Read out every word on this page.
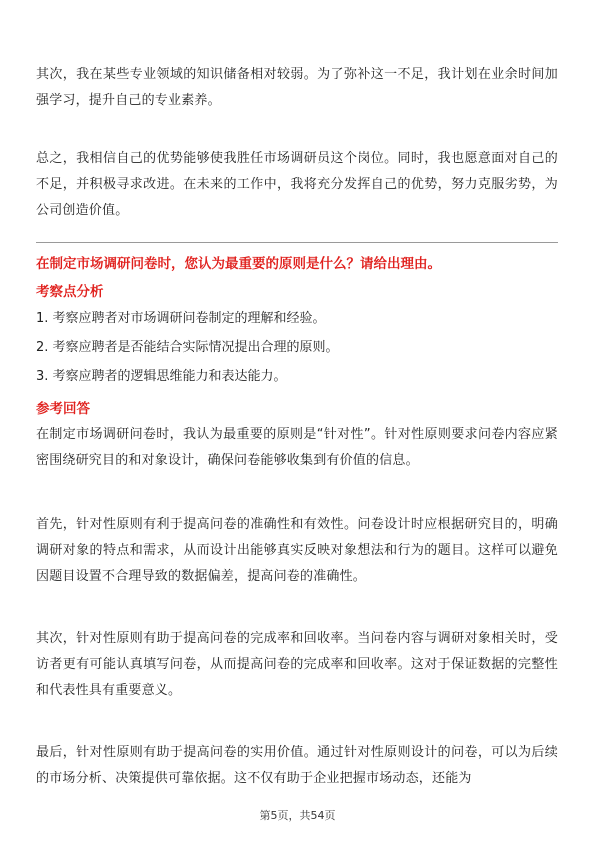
其次，我在某些专业领域的知识储备相对较弱。为了弥补这一不足，我计划在业余时间加强学习，提升自己的专业素养。

总之，我相信自己的优势能够使我胜任市场调研员这个岗位。同时，我也愿意面对自己的不足，并积极寻求改进。在未来的工作中，我将充分发挥自己的优势，努力克服劣势，为公司创造价值。

在制定市场调研问卷时，您认为最重要的原则是什么？请给出理由。

考察点分析

1. 考察应聘者对市场调研问卷制定的理解和经验。

2. 考察应聘者是否能结合实际情况提出合理的原则。

3. 考察应聘者的逻辑思维能力和表达能力。

参考回答

在制定市场调研问卷时，我认为最重要的原则是“针对性”。针对性原则要求问卷内容应紧密围绕研究目的和对象设计，确保问卷能够收集到有价值的信息。

首先，针对性原则有利于提高问卷的准确性和有效性。问卷设计时应根据研究目的，明确调研对象的特点和需求，从而设计出能够真实反映对象想法和行为的题目。这样可以避免因题目设置不合理导致的数据偏差，提高问卷的准确性。

其次，针对性原则有助于提高问卷的完成率和回收率。当问卷内容与调研对象相关时，受访者更有可能认真填写问卷，从而提高问卷的完成率和回收率。这对于保证数据的完整性和代表性具有重要意义。

最后，针对性原则有助于提高问卷的实用价值。通过针对性原则设计的问卷，可以为后续的市场分析、决策提供可靠依据。这不仅有助于企业把握市场动态，还能为

第5页，共54页
